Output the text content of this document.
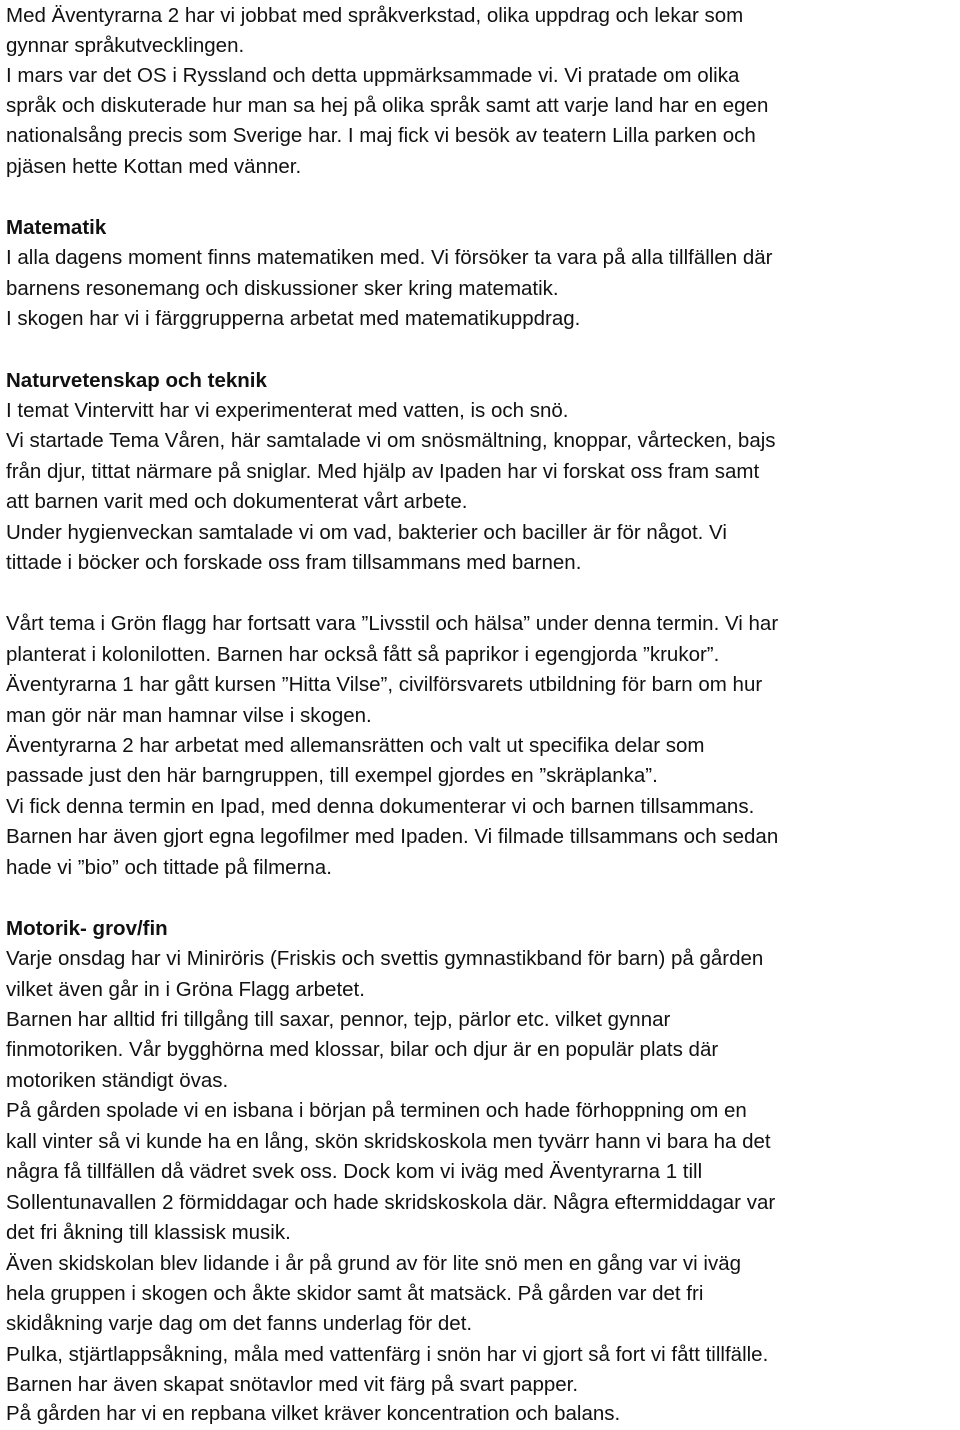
Med Äventyrarna 2 har vi jobbat med språkverkstad, olika uppdrag och lekar som

gynnar språkutvecklingen.

I mars var det OS i Ryssland och detta uppmärksammade vi. Vi pratade om olika

språk och diskuterade hur man sa hej på olika språk samt att varje land har en egen

nationalsång precis som Sverige har. I maj fick vi besök av teatern Lilla parken och

pjäsen hette Kottan med vänner.

Matematik

I alla dagens moment finns matematiken med. Vi försöker ta vara på alla tillfällen där

barnens resonemang och diskussioner sker kring matematik.

I skogen har vi i färggrupperna arbetat med matematikuppdrag.

Naturvetenskap och teknik

I temat Vintervitt har vi experimenterat med vatten, is och snö.

Vi startade Tema Våren, här samtalade vi om snösmältning, knoppar, vårtecken, bajs

från djur, tittat närmare på sniglar. Med hjälp av Ipaden har vi forskat oss fram samt

att barnen varit med och dokumenterat vårt arbete.

Under hygienveckan samtalade vi om vad, bakterier och baciller är för något. Vi

tittade i böcker och forskade oss fram tillsammans med barnen.

Vårt tema i Grön flagg har fortsatt vara ”Livsstil och hälsa” under denna termin. Vi har

planterat i kolonilotten. Barnen har också fått så paprikor i egengjorda ”krukor”.

Äventyrarna 1 har gått kursen ”Hitta Vilse”, civilförsvarets utbildning för barn om hur

man gör när man hamnar vilse i skogen.

Äventyrarna 2 har arbetat med allemansrätten och valt ut specifika delar som

passade just den här barngruppen, till exempel gjordes en ”skräplanka”.

Vi fick denna termin en Ipad, med denna dokumenterar vi och barnen tillsammans.

Barnen har även gjort egna legofilmer med Ipaden. Vi filmade tillsammans och sedan

hade vi ”bio” och tittade på filmerna.

Motorik- grov/fin

Varje onsdag har vi Miniröris (Friskis och svettis gymnastikband för barn) på gården

vilket även går in i Gröna Flagg arbetet.

Barnen har alltid fri tillgång till saxar, pennor, tejp, pärlor etc. vilket gynnar

finmotoriken. Vår bygghörna med klossar, bilar och djur är en populär plats där

motoriken ständigt övas.

På gården spolade vi en isbana i början på terminen och hade förhoppning om en

kall vinter så vi kunde ha en lång, skön skridskoskola men tyvärr hann vi bara ha det

några få tillfällen då vädret svek oss. Dock kom vi iväg med Äventyrarna 1 till

Sollentunavallen 2 förmiddagar och hade skridskoskola där. Några eftermiddagar var

det fri åkning till klassisk musik.

Även skidskolan blev lidande i år på grund av för lite snö men en gång var vi iväg

hela gruppen i skogen och åkte skidor samt åt matsäck. På gården var det fri

skidåkning varje dag om det fanns underlag för det.

Pulka, stjärtlappsåkning, måla med vattenfärg i snön har vi gjort så fort vi fått tillfälle.

Barnen har även skapat snötavlor med vit färg på svart papper.

På gården har vi en repbana vilket kräver koncentration och balans.
